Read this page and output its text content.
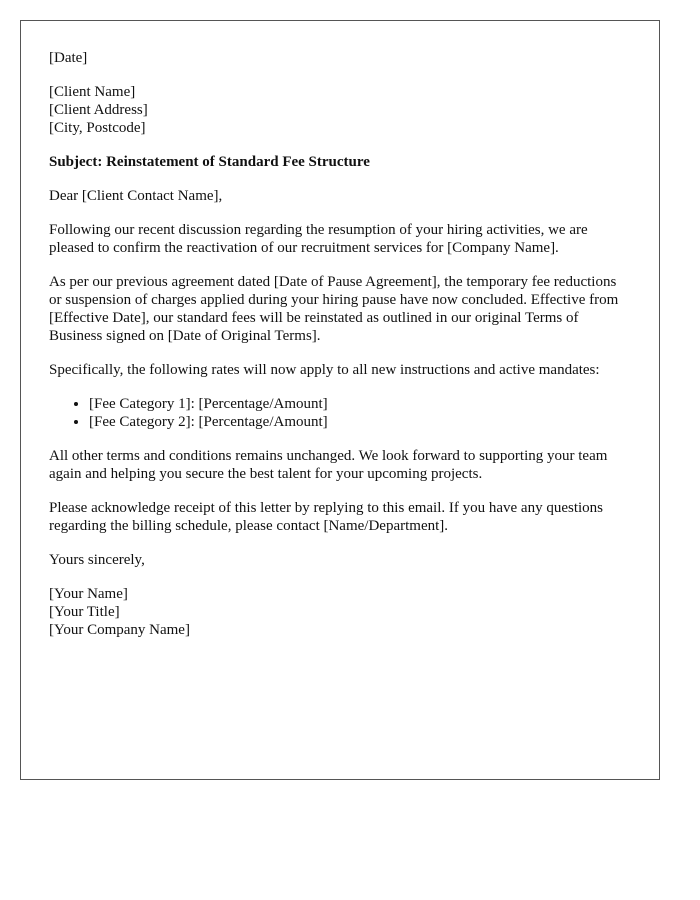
[Date]

[Client Name]
[Client Address]
[City, Postcode]

Subject: Reinstatement of Standard Fee Structure

Dear [Client Contact Name],

Following our recent discussion regarding the resumption of your hiring activities, we are pleased to confirm the reactivation of our recruitment services for [Company Name].

As per our previous agreement dated [Date of Pause Agreement], the temporary fee reductions or suspension of charges applied during your hiring pause have now concluded. Effective from [Effective Date], our standard fees will be reinstated as outlined in our original Terms of Business signed on [Date of Original Terms].

Specifically, the following rates will now apply to all new instructions and active mandates:

• [Fee Category 1]: [Percentage/Amount]
• [Fee Category 2]: [Percentage/Amount]

All other terms and conditions remains unchanged. We look forward to supporting your team again and helping you secure the best talent for your upcoming projects.

Please acknowledge receipt of this letter by replying to this email. If you have any questions regarding the billing schedule, please contact [Name/Department].

Yours sincerely,

[Your Name]
[Your Title]
[Your Company Name]
